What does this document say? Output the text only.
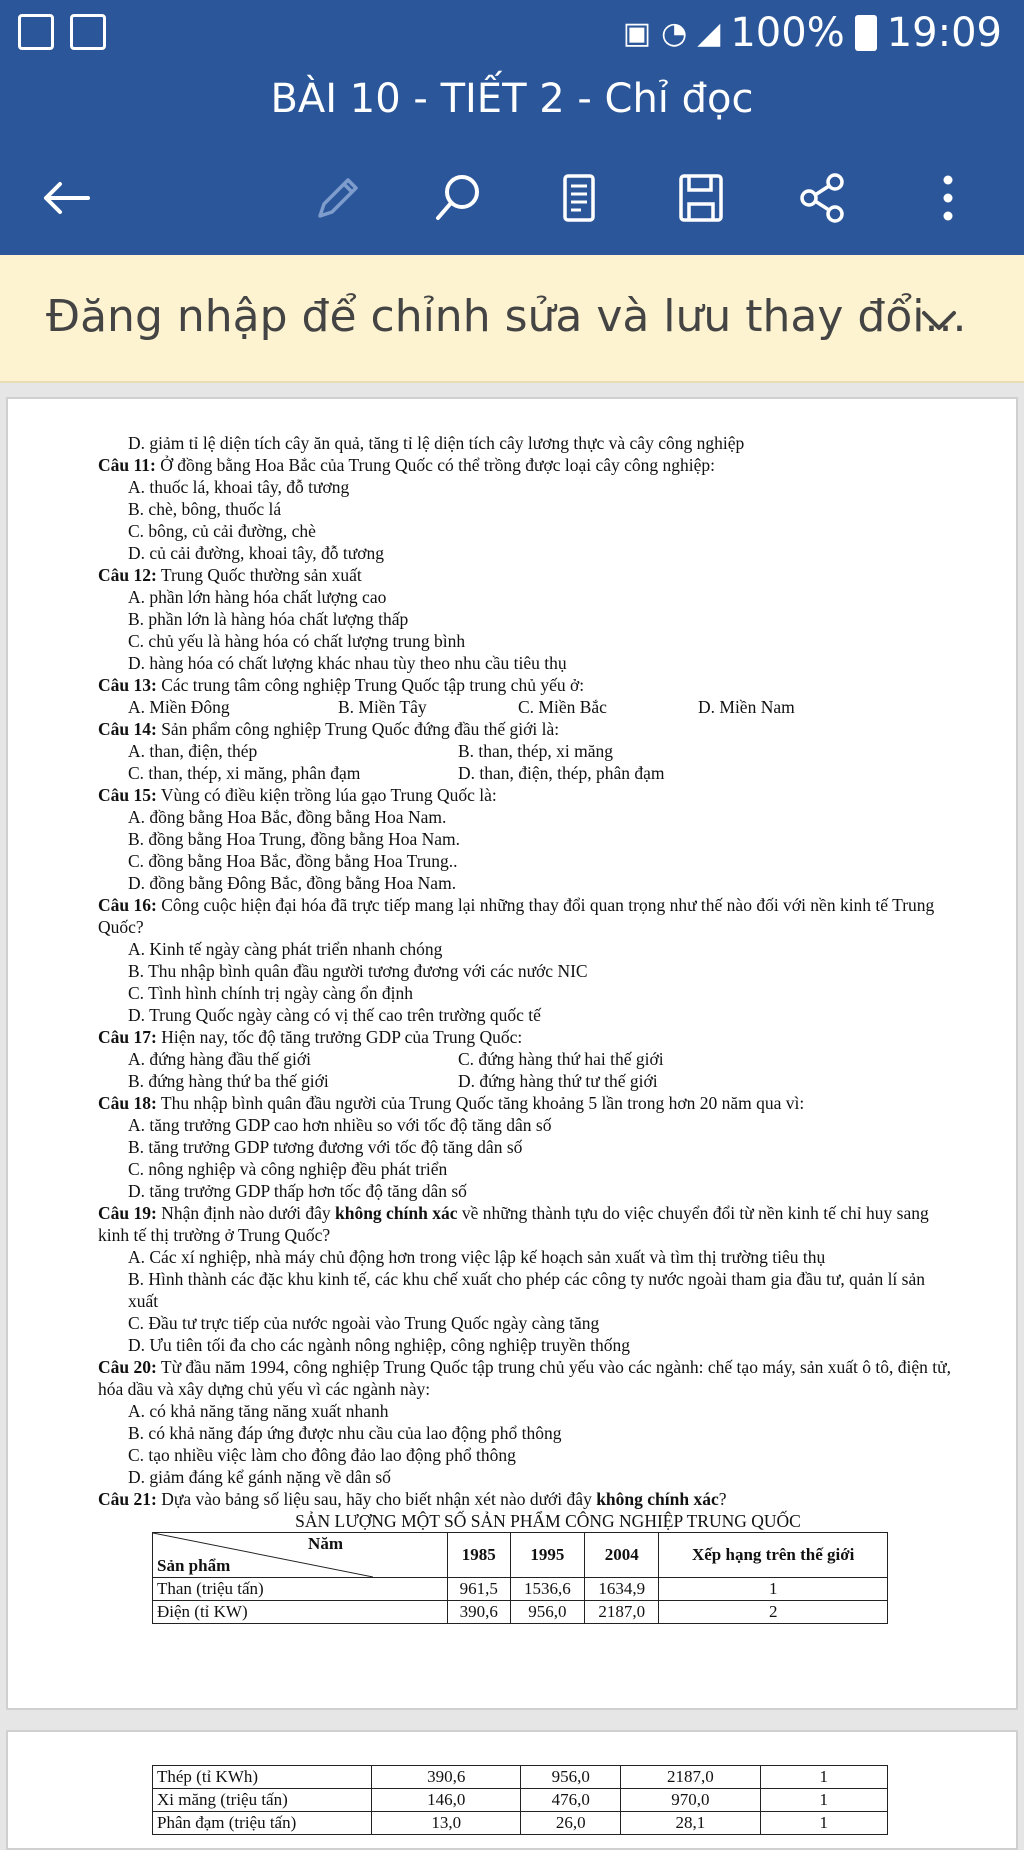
▣ ◔ ◢ 100% 19:09
BÀI 10 - TIẾT 2 - Chỉ đọc
Đăng nhập để chỉnh sửa và lưu thay đổi...
D. giảm tỉ lệ diện tích cây ăn quả, tăng tỉ lệ diện tích cây lương thực và cây công nghiệp
Câu 11: Ở đồng bằng Hoa Bắc của Trung Quốc có thể trồng được loại cây công nghiệp:
A. thuốc lá, khoai tây, đỗ tương
B. chè, bông, thuốc lá
C. bông, củ cải đường, chè
D. củ cải đường, khoai tây, đỗ tương
Câu 12: Trung Quốc thường sản xuất
A. phần lớn hàng hóa chất lượng cao
B. phần lớn là hàng hóa chất lượng thấp
C. chủ yếu là hàng hóa có chất lượng trung bình
D. hàng hóa có chất lượng khác nhau tùy theo nhu cầu tiêu thụ
Câu 13: Các trung tâm công nghiệp Trung Quốc tập trung chủ yếu ở:
A. Miền Đông	B. Miền Tây	C. Miền Bắc	D. Miền Nam
Câu 14: Sản phẩm công nghiệp Trung Quốc đứng đầu thế giới là:
A. than, điện, thép	B. than, thép, xi măng
C. than, thép, xi măng, phân đạm	D. than, điện, thép, phân đạm
Câu 15: Vùng có điều kiện trồng lúa gạo Trung Quốc là:
A. đồng bằng Hoa Bắc, đồng bằng Hoa Nam.
B. đồng bằng Hoa Trung, đồng bằng Hoa Nam.
C. đồng bằng Hoa Bắc, đồng bằng Hoa Trung..
D. đồng bằng Đông Bắc, đồng bằng Hoa Nam.
Câu 16: Công cuộc hiện đại hóa đã trực tiếp mang lại những thay đổi quan trọng như thế nào đối với nền kinh tế Trung Quốc?
A. Kinh tế ngày càng phát triển nhanh chóng
B. Thu nhập bình quân đầu người tương đương với các nước NIC
C. Tình hình chính trị ngày càng ổn định
D. Trung Quốc ngày càng có vị thế cao trên trường quốc tế
Câu 17: Hiện nay, tốc độ tăng trưởng GDP của Trung Quốc:
A. đứng hàng đầu thế giới	C. đứng hàng thứ hai thế giới
B. đứng hàng thứ ba thế giới	D. đứng hàng thứ tư thế giới
Câu 18: Thu nhập bình quân đầu người của Trung Quốc tăng khoảng 5 lần trong hơn 20 năm qua vì:
A. tăng trưởng GDP cao hơn nhiều so với tốc độ tăng dân số
B. tăng trưởng GDP tương đương với tốc độ tăng dân số
C. nông nghiệp và công nghiệp đều phát triển
D. tăng trưởng GDP thấp hơn tốc độ tăng dân số
Câu 19: Nhận định nào dưới đây không chính xác về những thành tựu do việc chuyển đổi từ nền kinh tế chỉ huy sang kinh tế thị trường ở Trung Quốc?
A. Các xí nghiệp, nhà máy chủ động hơn trong việc lập kế hoạch sản xuất và tìm thị trường tiêu thụ
B. Hình thành các đặc khu kinh tế, các khu chế xuất cho phép các công ty nước ngoài tham gia đầu tư, quản lí sản xuất
C. Đầu tư trực tiếp của nước ngoài vào Trung Quốc ngày càng tăng
D. Ưu tiên tối đa cho các ngành nông nghiệp, công nghiệp truyền thống
Câu 20: Từ đầu năm 1994, công nghiệp Trung Quốc tập trung chủ yếu vào các ngành: chế tạo máy, sản xuất ô tô, điện tử, hóa dầu và xây dựng chủ yếu vì các ngành này:
A. có khả năng tăng năng xuất nhanh
B. có khả năng đáp ứng được nhu cầu của lao động phổ thông
C. tạo nhiều việc làm cho đông đảo lao động phổ thông
D. giảm đáng kể gánh nặng về dân số
Câu 21: Dựa vào bảng số liệu sau, hãy cho biết nhận xét nào dưới đây không chính xác?
SẢN LƯỢNG MỘT SỐ SẢN PHẨM CÔNG NGHIỆP TRUNG QUỐC
Năm
Sản phẩm	1985	1995	2004	Xếp hạng trên thế giới
Than (triệu tấn)	961,5	1536,6	1634,9	1
Điện (tỉ KW)	390,6	956,0	2187,0	2
Thép (tỉ KWh)	390,6	956,0	2187,0	1
Xi măng (triệu tấn)	146,0	476,0	970,0	1
Phân đạm (triệu tấn)	13,0	26,0	28,1	1
